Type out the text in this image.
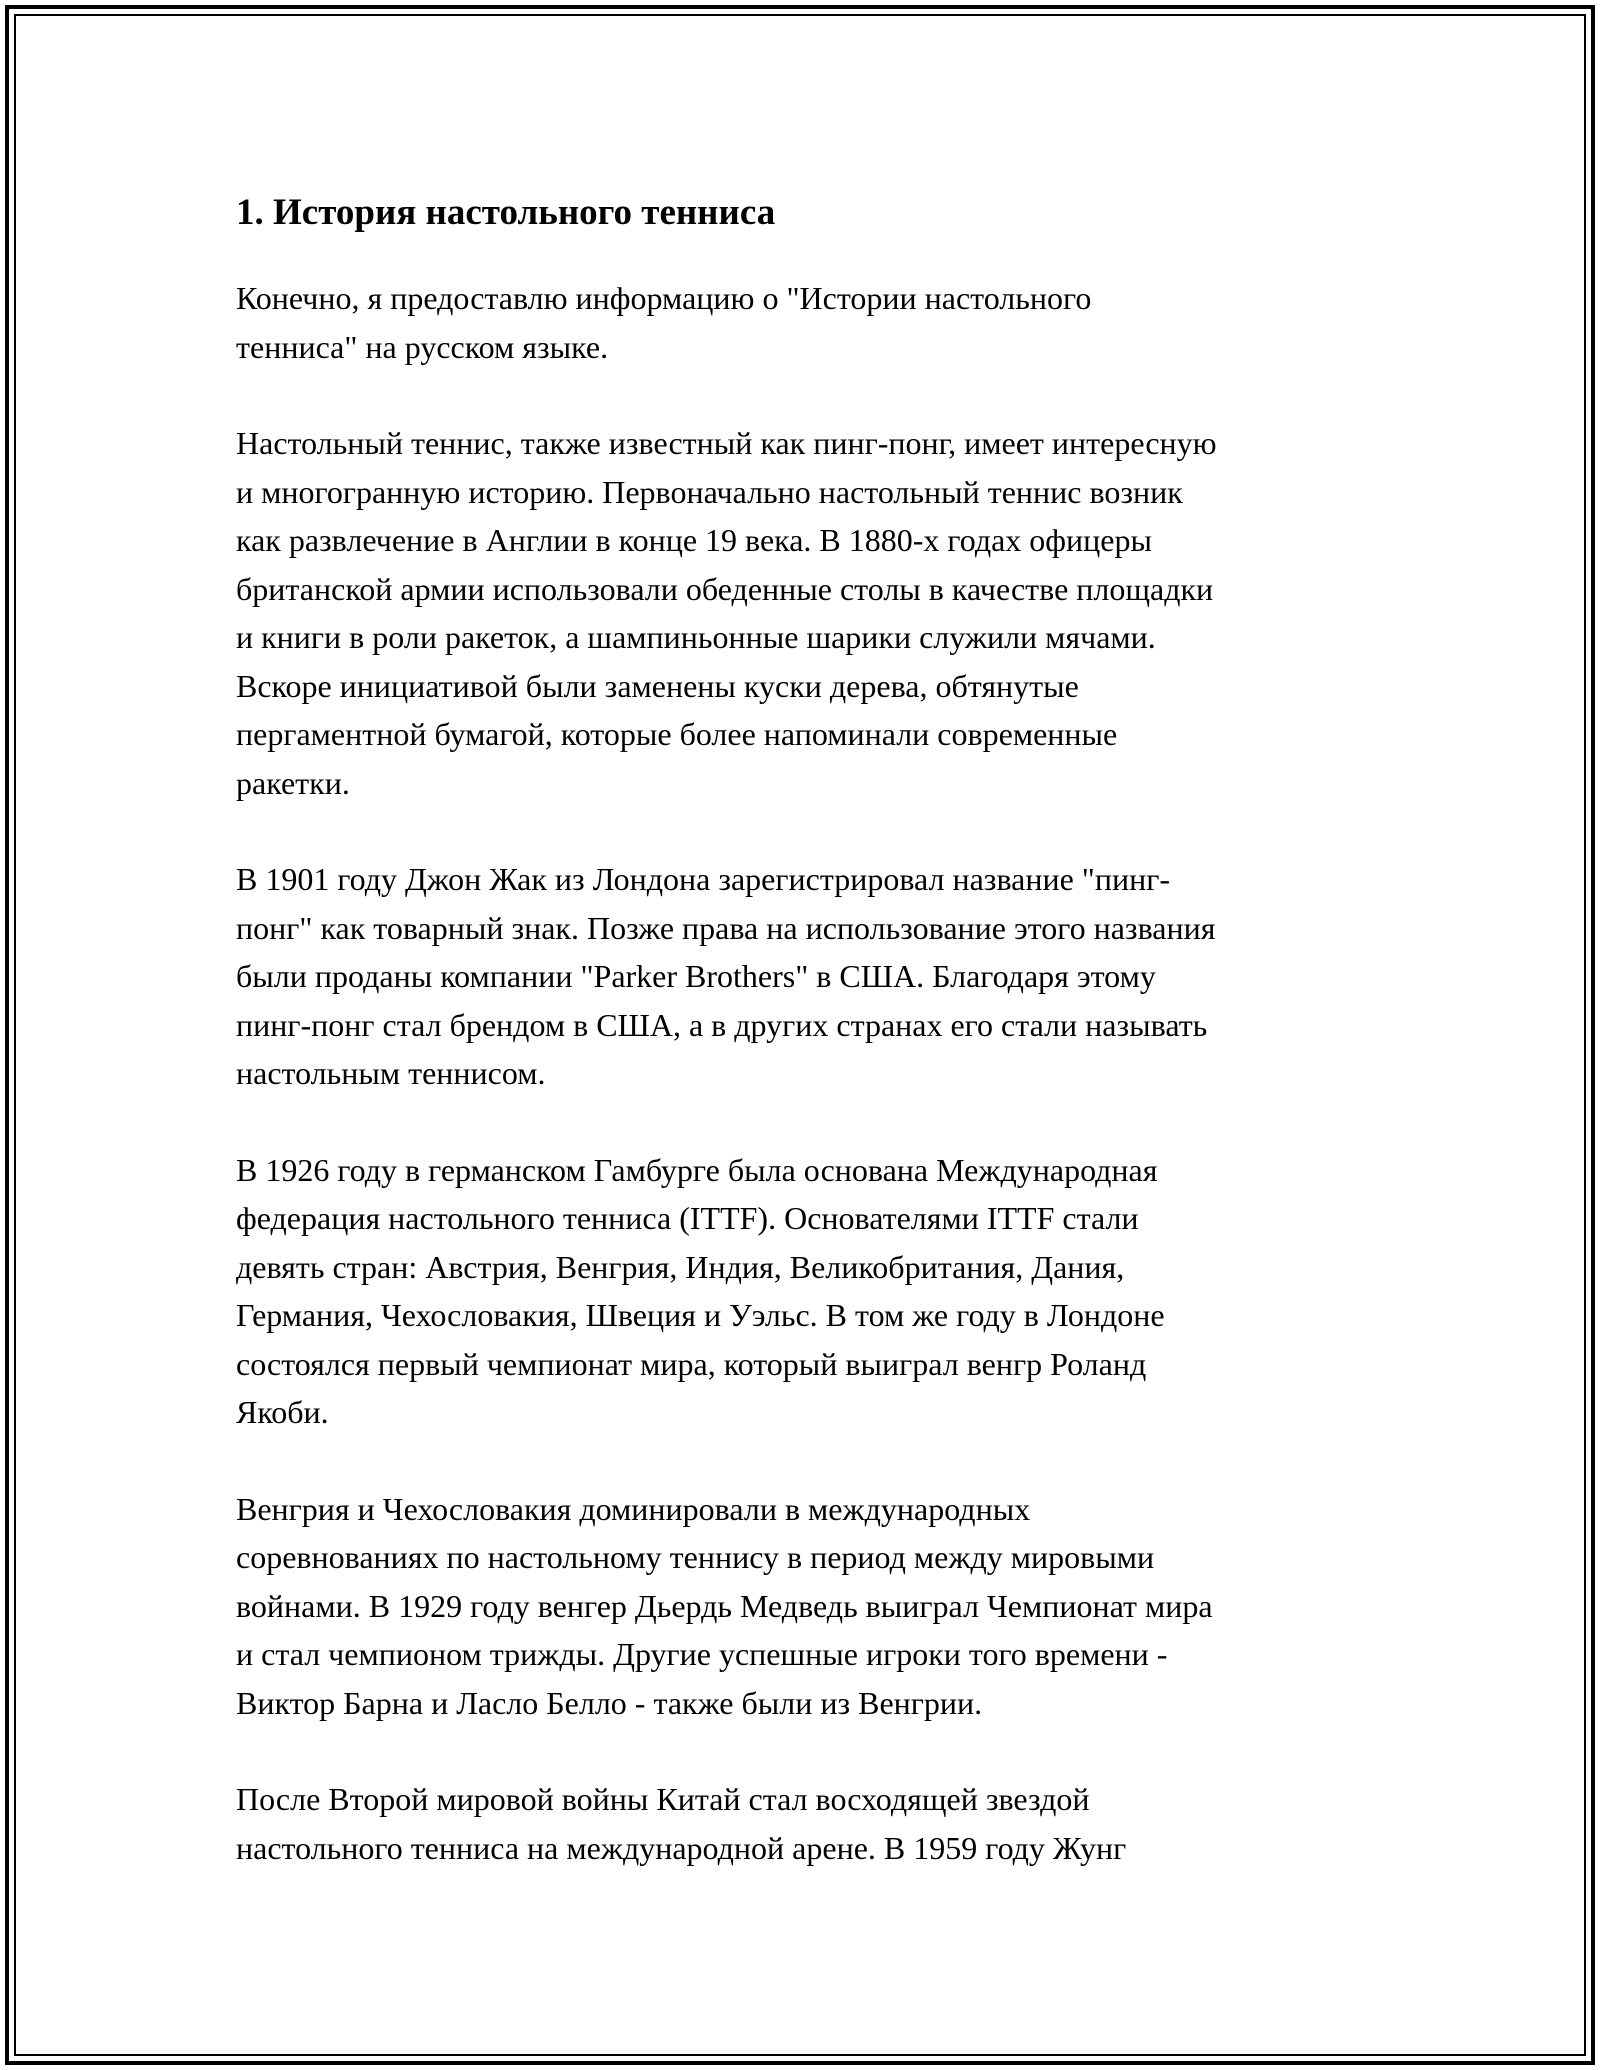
1. История настольного тенниса

Конечно, я предоставлю информацию о "Истории настольного
тенниса" на русском языке.

Настольный теннис, также известный как пинг-понг, имеет интересную
и многогранную историю. Первоначально настольный теннис возник
как развлечение в Англии в конце 19 века. В 1880-х годах офицеры
британской армии использовали обеденные столы в качестве площадки
и книги в роли ракеток, а шампиньонные шарики служили мячами.
Вскоре инициативой были заменены куски дерева, обтянутые
пергаментной бумагой, которые более напоминали современные
ракетки.

В 1901 году Джон Жак из Лондона зарегистрировал название "пинг-
понг" как товарный знак. Позже права на использование этого названия
были проданы компании "Parker Brothers" в США. Благодаря этому
пинг-понг стал брендом в США, а в других странах его стали называть
настольным теннисом.

В 1926 году в германском Гамбурге была основана Международная
федерация настольного тенниса (ITTF). Основателями ITTF стали
девять стран: Австрия, Венгрия, Индия, Великобритания, Дания,
Германия, Чехословакия, Швеция и Уэльс. В том же году в Лондоне
состоялся первый чемпионат мира, который выиграл венгр Роланд
Якоби.

Венгрия и Чехословакия доминировали в международных
соревнованиях по настольному теннису в период между мировыми
войнами. В 1929 году венгер Дьердь Медведь выиграл Чемпионат мира
и стал чемпионом трижды. Другие успешные игроки того времени -
Виктор Барна и Ласло Белло - также были из Венгрии.

После Второй мировой войны Китай стал восходящей звездой
настольного тенниса на международной арене. В 1959 году Жунг
